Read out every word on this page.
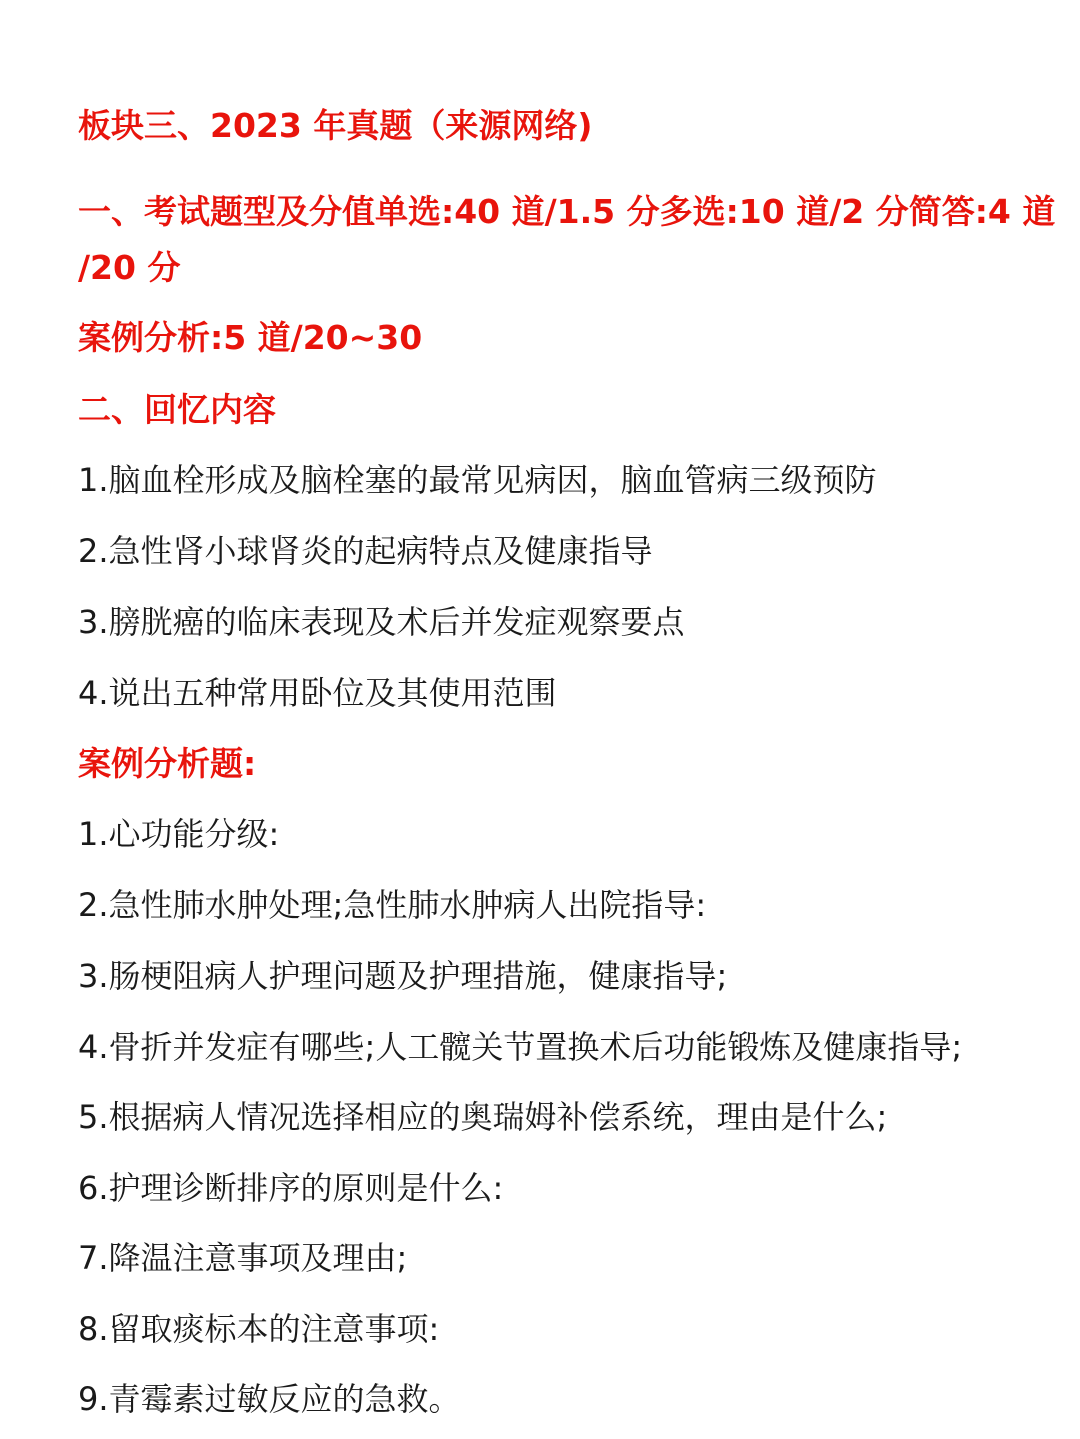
板块三、2023 年真题（来源网络)
一、考试题型及分值单选:40 道/1.5 分多选:10 道/2 分简答:4 道
/20 分
案例分析:5 道/20~30
二、回忆内容
1.脑血栓形成及脑栓塞的最常见病因，脑血管病三级预防
2.急性肾小球肾炎的起病特点及健康指导
3.膀胱癌的临床表现及术后并发症观察要点
4.说出五种常用卧位及其使用范围
案例分析题:
1.心功能分级:
2.急性肺水肿处理;急性肺水肿病人出院指导:
3.肠梗阻病人护理问题及护理措施，健康指导;
4.骨折并发症有哪些;人工髋关节置换术后功能锻炼及健康指导;
5.根据病人情况选择相应的奥瑞姆补偿系统，理由是什么;
6.护理诊断排序的原则是什么:
7.降温注意事项及理由;
8.留取痰标本的注意事项:
9.青霉素过敏反应的急救。
